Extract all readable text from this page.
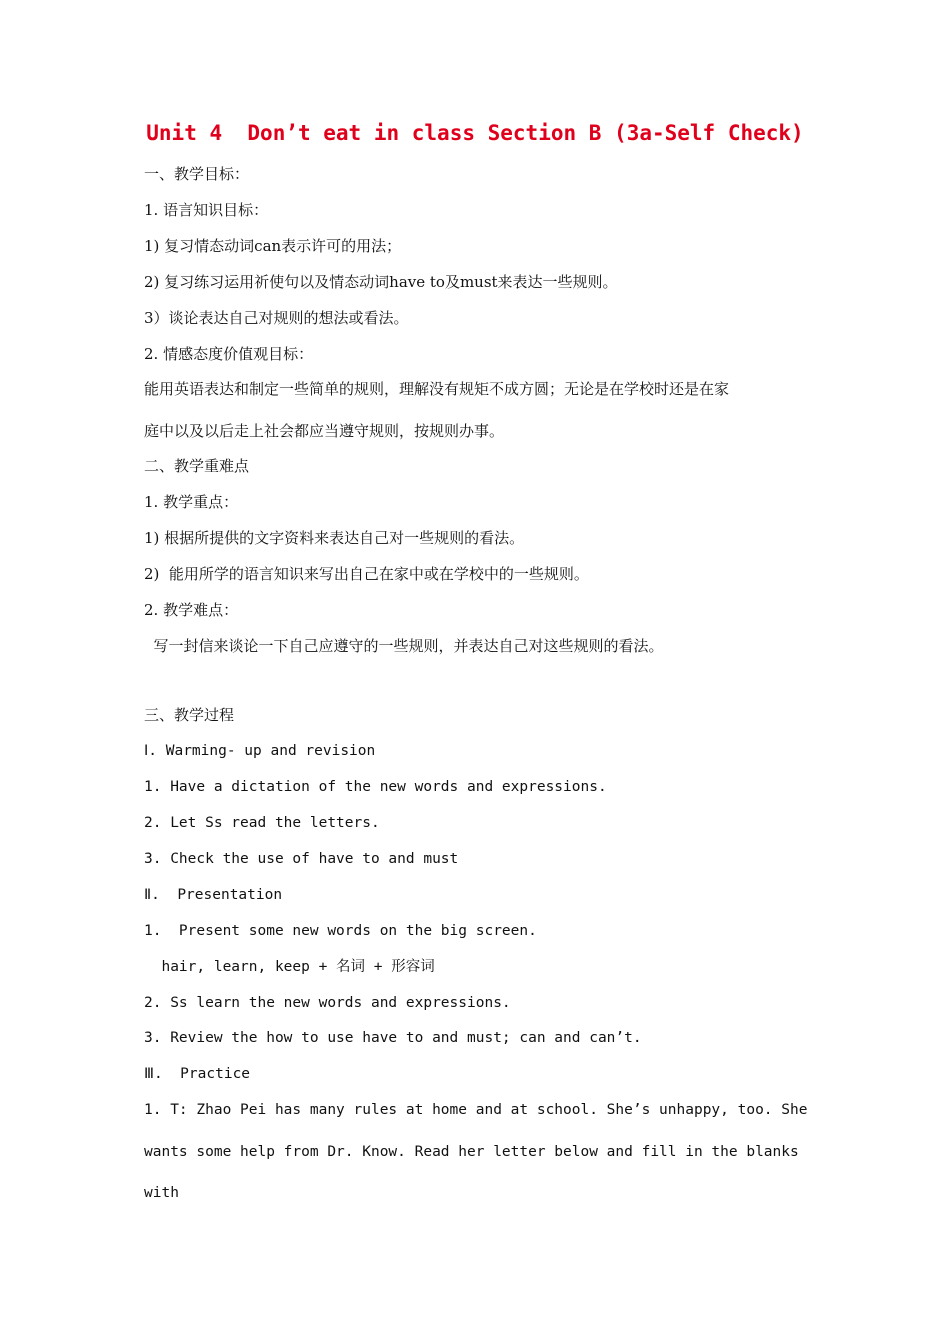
Unit 4  Don’t eat in class Section B (3a-Self Check)
一、教学目标：
1. 语言知识目标：
1) 复习情态动词can表示许可的用法；
2) 复习练习运用祈使句以及情态动词have to及must来表达一些规则。
3）谈论表达自己对规则的想法或看法。
2. 情感态度价值观目标：
能用英语表达和制定一些简单的规则，理解没有规矩不成方圆；无论是在学校时还是在家
庭中以及以后走上社会都应当遵守规则，按规则办事。
二、教学重难点
1. 教学重点：
1) 根据所提供的文字资料来表达自己对一些规则的看法。
2)  能用所学的语言知识来写出自己在家中或在学校中的一些规则。
2. 教学难点：
写一封信来谈论一下自己应遵守的一些规则，并表达自己对这些规则的看法。
三、教学过程
Ⅰ. Warming- up and revision
1. Have a dictation of the new words and expressions.
2. Let Ss read the letters.
3. Check the use of have to and must
Ⅱ.  Presentation
1.  Present some new words on the big screen.
hair, learn, keep + 名词 + 形容词
2. Ss learn the new words and expressions.
3. Review the how to use have to and must; can and can’t.
Ⅲ.  Practice
1. T: Zhao Pei has many rules at home and at school. She’s unhappy, too. She
wants some help from Dr. Know. Read her letter below and fill in the blanks
with
